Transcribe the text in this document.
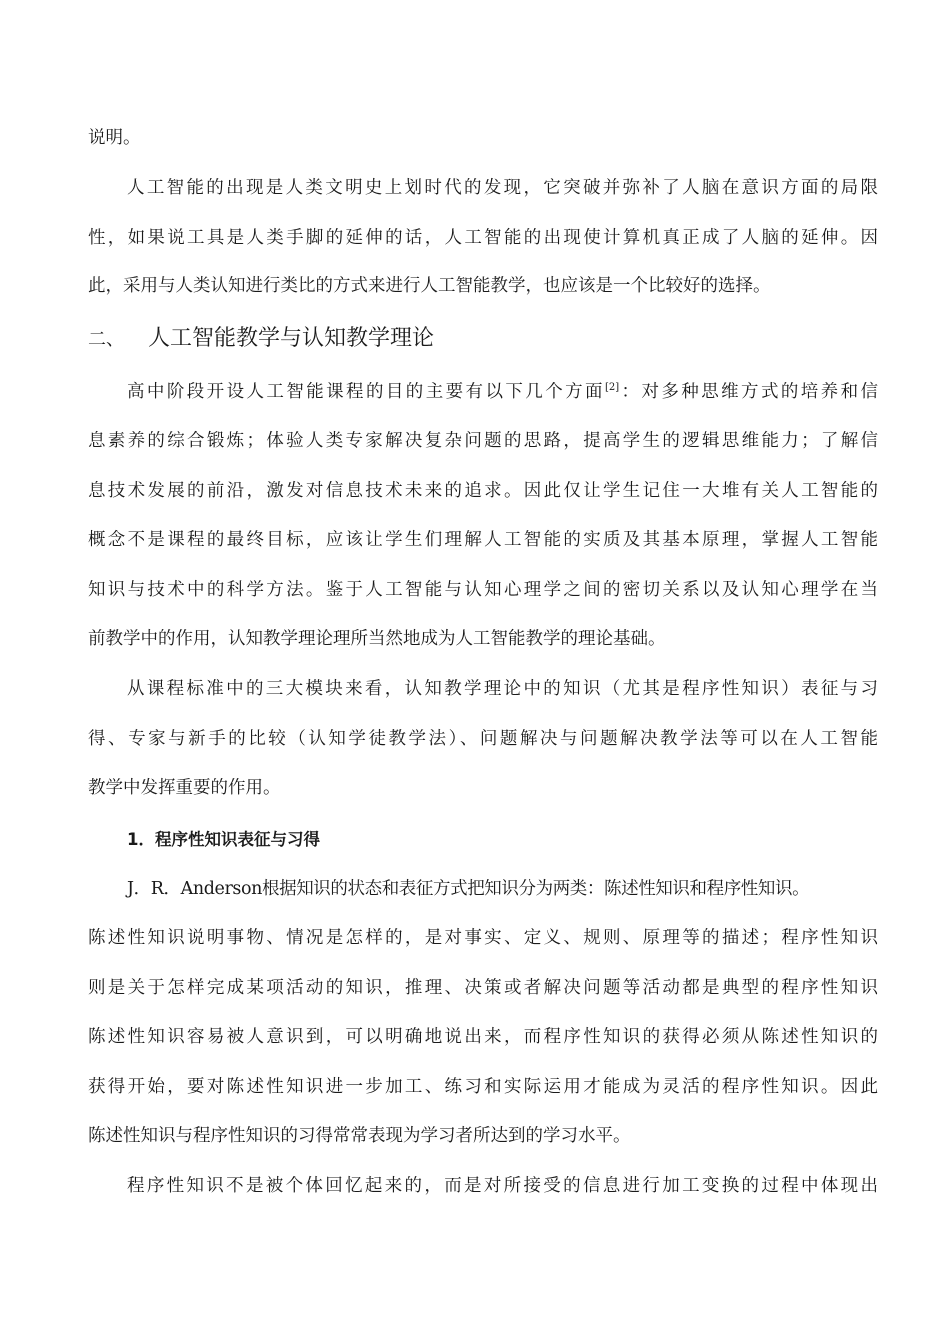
说明。
人工智能的出现是人类文明史上划时代的发现，它突破并弥补了人脑在意识方面的局限
性，如果说工具是人类手脚的延伸的话，人工智能的出现使计算机真正成了人脑的延伸。因
此，采用与人类认知进行类比的方式来进行人工智能教学，也应该是一个比较好的选择。
二、 人工智能教学与认知教学理论
高中阶段开设人工智能课程的目的主要有以下几个方面[2]：对多种思维方式的培养和信
息素养的综合锻炼；体验人类专家解决复杂问题的思路，提高学生的逻辑思维能力；了解信
息技术发展的前沿，激发对信息技术未来的追求。因此仅让学生记住一大堆有关人工智能的
概念不是课程的最终目标，应该让学生们理解人工智能的实质及其基本原理，掌握人工智能
知识与技术中的科学方法。鉴于人工智能与认知心理学之间的密切关系以及认知心理学在当
前教学中的作用，认知教学理论理所当然地成为人工智能教学的理论基础。
从课程标准中的三大模块来看，认知教学理论中的知识（尤其是程序性知识）表征与习
得、专家与新手的比较（认知学徒教学法）、问题解决与问题解决教学法等可以在人工智能
教学中发挥重要的作用。
1．程序性知识表征与习得
J．R．Anderson根据知识的状态和表征方式把知识分为两类：陈述性知识和程序性知识。
陈述性知识说明事物、情况是怎样的，是对事实、定义、规则、原理等的描述；程序性知识
则是关于怎样完成某项活动的知识，推理、决策或者解决问题等活动都是典型的程序性知识
陈述性知识容易被人意识到，可以明确地说出来，而程序性知识的获得必须从陈述性知识的
获得开始，要对陈述性知识进一步加工、练习和实际运用才能成为灵活的程序性知识。因此
陈述性知识与程序性知识的习得常常表现为学习者所达到的学习水平。
程序性知识不是被个体回忆起来的，而是对所接受的信息进行加工变换的过程中体现出
